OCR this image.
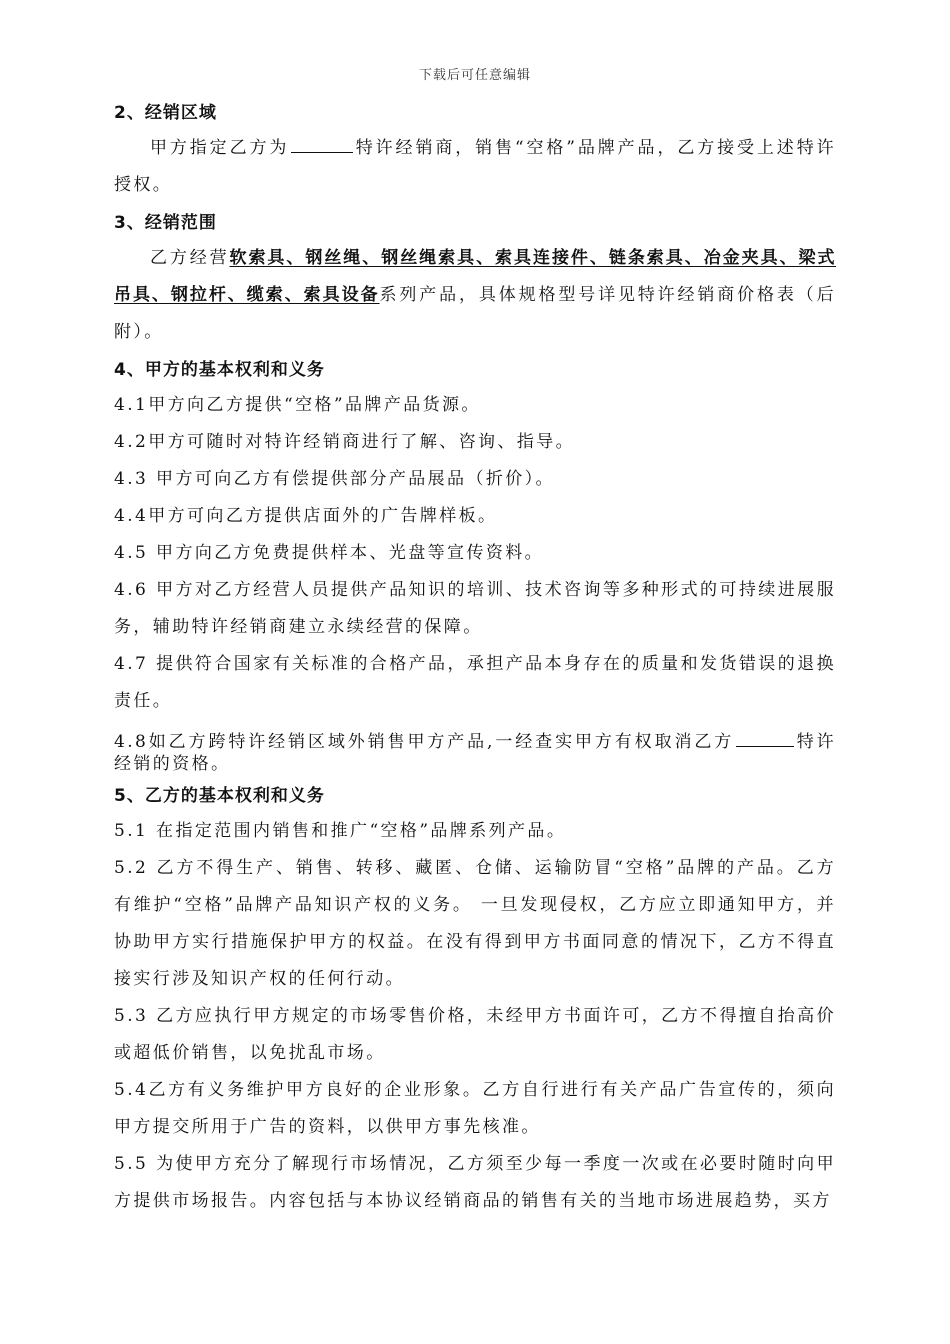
下载后可任意编辑

2、经销区域

甲方指定乙方为	特许经销商，销售“空格”品牌产品，乙方接受上述特许授权。

3、经销范围

乙方经营软索具、钢丝绳、钢丝绳索具、索具连接件、链条索具、冶金夹具、梁式吊具、钢拉杆、缆索、索具设备系列产品，具体规格型号详见特许经销商价格表（后附）。

4、甲方的基本权利和义务

4.1甲方向乙方提供“空格”品牌产品货源。

4.2甲方可随时对特许经销商进行了解、咨询、指导。

4.3 甲方可向乙方有偿提供部分产品展品（折价）。

4.4甲方可向乙方提供店面外的广告牌样板。

4.5 甲方向乙方免费提供样本、光盘等宣传资料。

4.6 甲方对乙方经营人员提供产品知识的培训、技术咨询等多种形式的可持续进展服务，辅助特许经销商建立永续经营的保障。

4.7 提供符合国家有关标准的合格产品，承担产品本身存在的质量和发货错误的退换责任。

4.8如乙方跨特许经销区域外销售甲方产品,一经查实甲方有权取消乙方	特许经销的资格。

5、乙方的基本权利和义务

5.1 在指定范围内销售和推广“空格”品牌系列产品。

5.2 乙方不得生产、销售、转移、藏匿、仓储、运输防冒“空格”品牌的产品。乙方有维护“空格”品牌产品知识产权的义务。 一旦发现侵权，乙方应立即通知甲方，并协助甲方实行措施保护甲方的权益。在没有得到甲方书面同意的情况下，乙方不得直接实行涉及知识产权的任何行动。

5.3 乙方应执行甲方规定的市场零售价格，未经甲方书面许可，乙方不得擅自抬高价或超低价销售，以免扰乱市场。

5.4乙方有义务维护甲方良好的企业形象。乙方自行进行有关产品广告宣传的，须向甲方提交所用于广告的资料，以供甲方事先核准。

5.5 为使甲方充分了解现行市场情况，乙方须至少每一季度一次或在必要时随时向甲方提供市场报告。内容包括与本协议经销商品的销售有关的当地市场进展趋势，买方
